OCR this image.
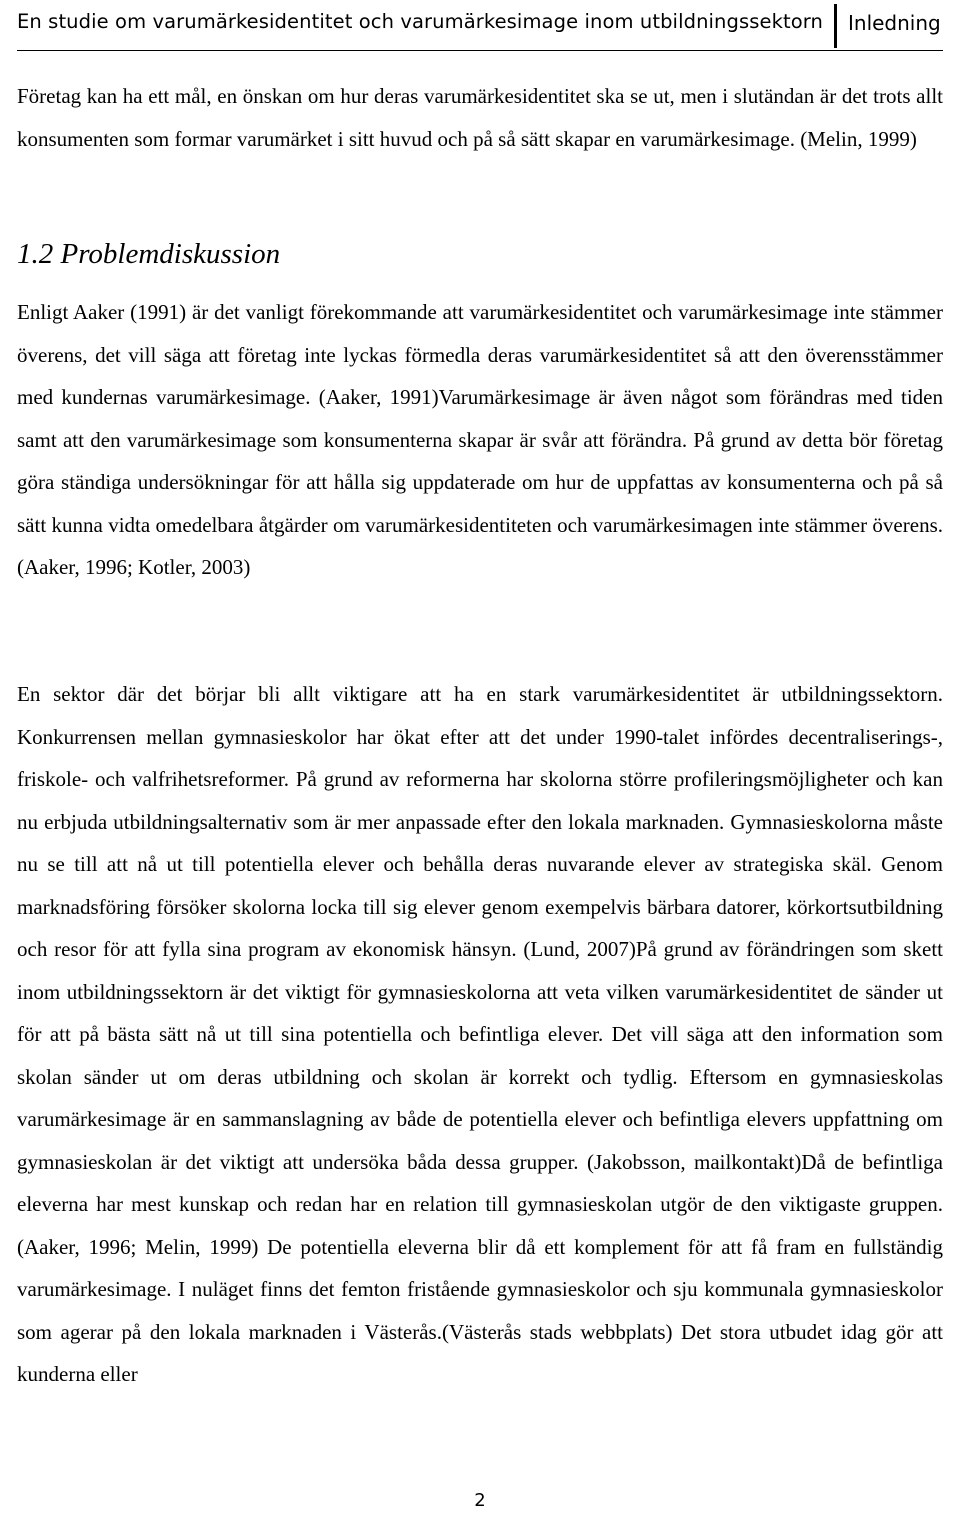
En studie om varumärkesidentitet och varumärkesimage inom utbildningssektorn Inledning

Företag kan ha ett mål, en önskan om hur deras varumärkesidentitet ska se ut, men i slutändan är det trots allt konsumenten som formar varumärket i sitt huvud och på så sätt skapar en varumärkesimage. (Melin, 1999)

1.2 Problemdiskussion

Enligt Aaker (1991) är det vanligt förekommande att varumärkesidentitet och varumärkesimage inte stämmer överens, det vill säga att företag inte lyckas förmedla deras varumärkesidentitet så att den överensstämmer med kundernas varumärkesimage. (Aaker, 1991)Varumärkesimage är även något som förändras med tiden samt att den varumärkesimage som konsumenterna skapar är svår att förändra. På grund av detta bör företag göra ständiga undersökningar för att hålla sig uppdaterade om hur de uppfattas av konsumenterna och på så sätt kunna vidta omedelbara åtgärder om varumärkesidentiteten och varumärkesimagen inte stämmer överens. (Aaker, 1996; Kotler, 2003)

En sektor där det börjar bli allt viktigare att ha en stark varumärkesidentitet är utbildningssektorn. Konkurrensen mellan gymnasieskolor har ökat efter att det under 1990-talet infördes decentraliserings-, friskole- och valfrihetsreformer. På grund av reformerna har skolorna större profileringsmöjligheter och kan nu erbjuda utbildningsalternativ som är mer anpassade efter den lokala marknaden. Gymnasieskolorna måste nu se till att nå ut till potentiella elever och behålla deras nuvarande elever av strategiska skäl. Genom marknadsföring försöker skolorna locka till sig elever genom exempelvis bärbara datorer, körkortsutbildning och resor för att fylla sina program av ekonomisk hänsyn. (Lund, 2007)På grund av förändringen som skett inom utbildningssektorn är det viktigt för gymnasieskolorna att veta vilken varumärkesidentitet de sänder ut för att på bästa sätt nå ut till sina potentiella och befintliga elever. Det vill säga att den information som skolan sänder ut om deras utbildning och skolan är korrekt och tydlig. Eftersom en gymnasieskolas varumärkesimage är en sammanslagning av både de potentiella elever och befintliga elevers uppfattning om gymnasieskolan är det viktigt att undersöka båda dessa grupper. (Jakobsson, mailkontakt)Då de befintliga eleverna har mest kunskap och redan har en relation till gymnasieskolan utgör de den viktigaste gruppen. (Aaker, 1996; Melin, 1999) De potentiella eleverna blir då ett komplement för att få fram en fullständig varumärkesimage. I nuläget finns det femton fristående gymnasieskolor och sju kommunala gymnasieskolor som agerar på den lokala marknaden i Västerås.(Västerås stads webbplats) Det stora utbudet idag gör att kunderna eller

2
